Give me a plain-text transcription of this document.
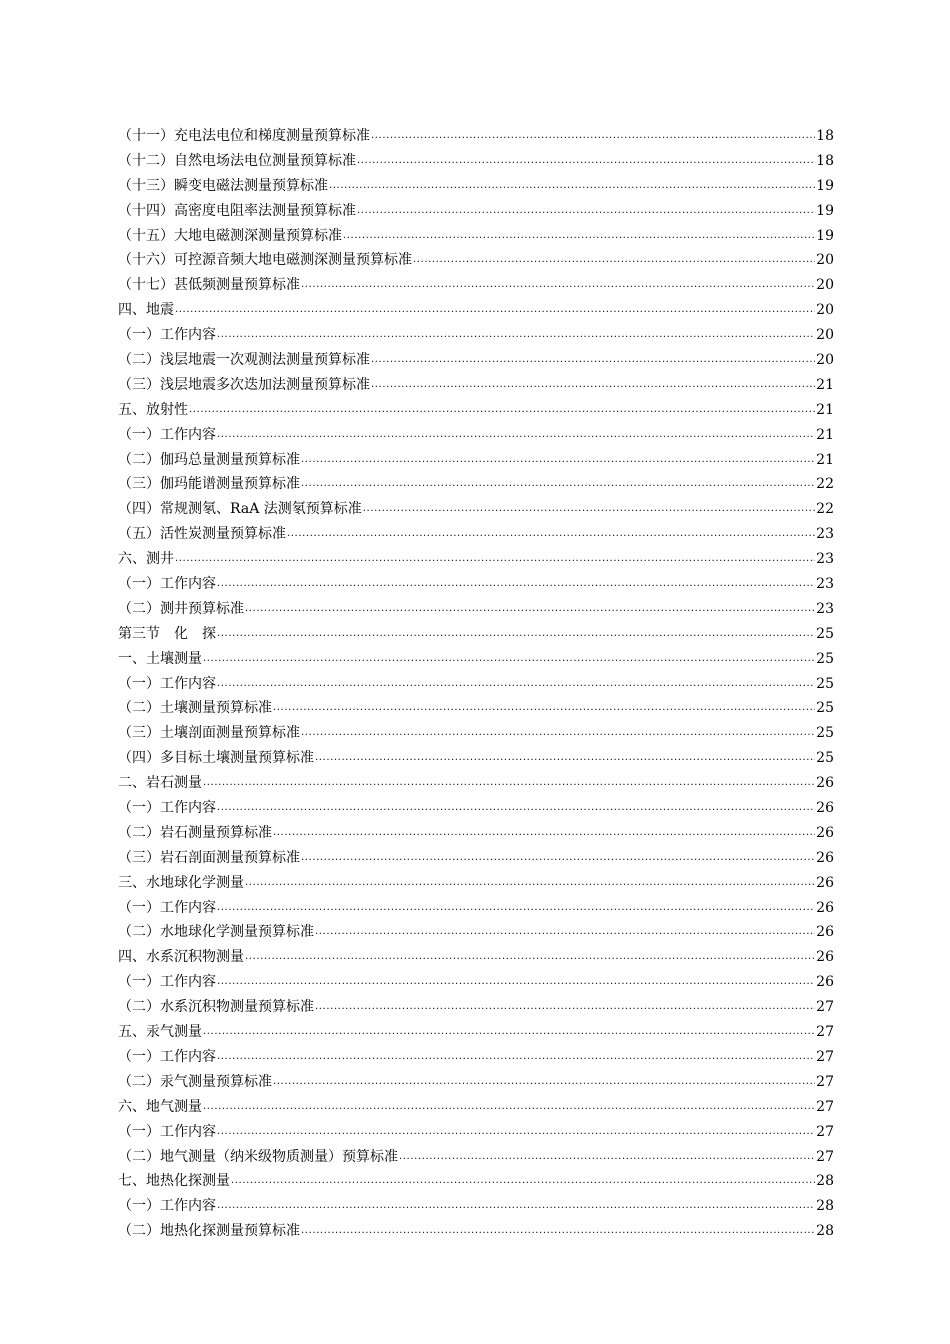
（十一）充电法电位和梯度测量预算标准 .....	18
（十二）自然电场法电位测量预算标准 .....	18
（十三）瞬变电磁法测量预算标准 .....	19
（十四）高密度电阻率法测量预算标准 .....	19
（十五）大地电磁测深测量预算标准 .....	19
（十六）可控源音频大地电磁测深测量预算标准 .....	20
（十七）甚低频测量预算标准 .....	20
四、地震 .....	20
（一）工作内容 .....	20
（二）浅层地震一次观测法测量预算标准 .....	20
（三）浅层地震多次迭加法测量预算标准 .....	21
五、放射性 .....	21
（一）工作内容 .....	21
（二）伽玛总量测量预算标准 .....	21
（三）伽玛能谱测量预算标准 .....	22
（四）常规测氡、RaA 法测氡预算标准 .....	22
（五）活性炭测量预算标准 .....	23
六、测井 .....	23
（一）工作内容 .....	23
（二）测井预算标准 .....	23
第三节　化　探 .....	25
一、土壤测量 .....	25
（一）工作内容 .....	25
（二）土壤测量预算标准 .....	25
（三）土壤剖面测量预算标准 .....	25
（四）多目标土壤测量预算标准 .....	25
二、岩石测量 .....	26
（一）工作内容 .....	26
（二）岩石测量预算标准 .....	26
（三）岩石剖面测量预算标准 .....	26
三、水地球化学测量 .....	26
（一）工作内容 .....	26
（二）水地球化学测量预算标准 .....	26
四、水系沉积物测量 .....	26
（一）工作内容 .....	26
（二）水系沉积物测量预算标准 .....	27
五、汞气测量 .....	27
（一）工作内容 .....	27
（二）汞气测量预算标准 .....	27
六、地气测量 .....	27
（一）工作内容 .....	27
（二）地气测量（纳米级物质测量）预算标准 .....	27
七、地热化探测量 .....	28
（一）工作内容 .....	28
（二）地热化探测量预算标准 .....	28
